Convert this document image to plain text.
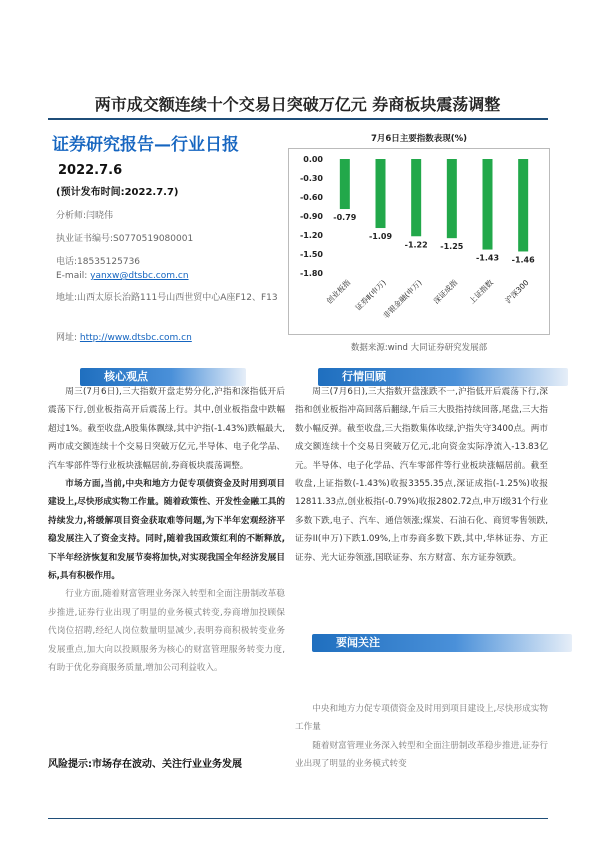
两市成交额连续十个交易日突破万亿元 券商板块震荡调整
证券研究报告—行业日报
2022.7.6
(预计发布时间:2022.7.7)
分析师:闫晓伟
执业证书编号:S0770519080001
电话:18535125736
E-mail: yanxw@dtsbc.com.cn
地址:山西太原长治路111号山西世贸中心A座F12、F13
网址: http://www.dtsbc.com.cn
7月6日主要指数表现(%)
0.00
-0.30
-0.60
-0.90
-1.20
-1.50
-1.80
-0.79
创业板指
-1.09
证券Ⅱ(申万)
-1.22
非银金融(申万)
-1.25
深证成指
-1.43
上证指数
-1.46
沪深300
数据来源:wind 大同证券研究发展部
核心观点

周三(7月6日),三大指数开盘走势分化,沪指和深指低开后震荡下行,创业板指高开后震荡上行。其中,创业板指盘中跌幅超过1%。截至收盘,A股集体飘绿,其中沪指(-1.43%)跌幅最大,两市成交额连续十个交易日突破万亿元,半导体、电子化学品、汽车零部件等行业板块涨幅居前,券商板块震荡调整。

市场方面,当前,中央和地方力促专项债资金及时用到项目建设上,尽快形成实物工作量。随着政策性、开发性金融工具的持续发力,将缓解项目资金获取难等问题,为下半年宏观经济平稳发展注入了资金支持。同时,随着我国政策红利的不断释放,下半年经济恢复和发展节奏将加快,对实现我国全年经济发展目标,具有积极作用。

行业方面,随着财富管理业务深入转型和全面注册制改革稳步推进,证券行业出现了明显的业务模式转变,券商增加投顾保代岗位招聘,经纪人岗位数量明显减少,表明券商积极转变业务发展重点,加大向以投顾服务为核心的财富管理服务转变力度,有助于优化券商服务质量,增加公司利益收入。

风险提示:市场存在波动、关注行业业务发展
行情回顾

周三(7月6日),三大指数开盘涨跌不一,沪指低开后震荡下行,深指和创业板指冲高回落后翻绿,午后三大股指持续回落,尾盘,三大指数小幅反弹。截至收盘,三大指数集体收绿,沪指失守3400点。两市成交额连续十个交易日突破万亿元,北向资金实际净流入-13.83亿元。半导体、电子化学品、汽车零部件等行业板块涨幅居前。截至收盘,上证指数(-1.43%)收报3355.35点,深证成指(-1.25%)收报12811.33点,创业板指(-0.79%)收报2802.72点,申万I级31个行业多数下跌,电子、汽车、通信领涨;煤炭、石油石化、商贸零售领跌,证券II(申万)下跌1.09%,上市券商多数下跌,其中,华林证券、方正证券、光大证券领涨,国联证券、东方财富、东方证券领跌。

要闻关注

中央和地方力促专项债资金及时用到项目建设上,尽快形成实物工作量

随着财富管理业务深入转型和全面注册制改革稳步推进,证券行业出现了明显的业务模式转变
